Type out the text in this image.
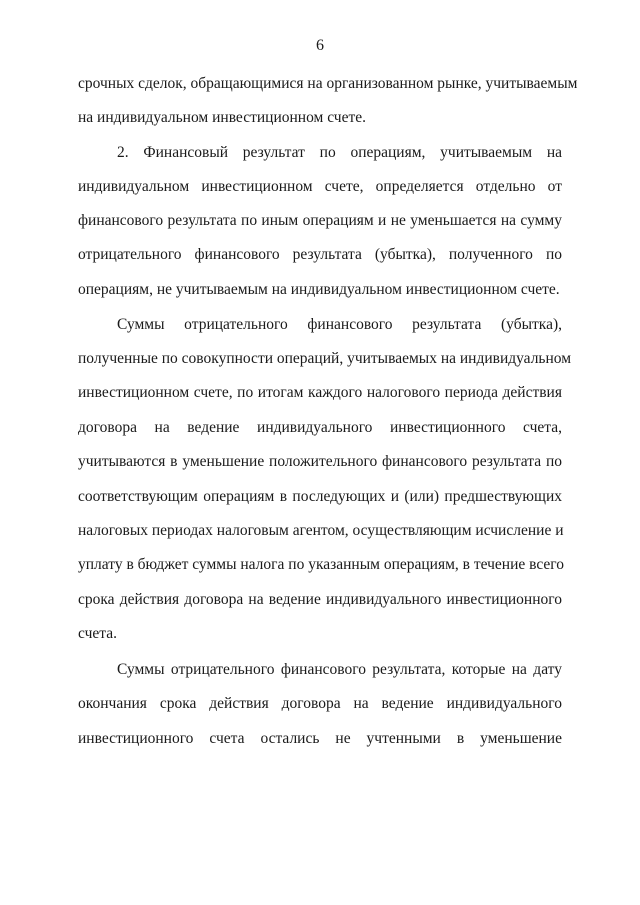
6
срочных сделок, обращающимися на организованном рынке, учитываемым
на индивидуальном инвестиционном счете.
2. Финансовый результат по операциям, учитываемым на
индивидуальном инвестиционном счете, определяется отдельно от
финансового результата по иным операциям и не уменьшается на сумму
отрицательного финансового результата (убытка), полученного по
операциям, не учитываемым на индивидуальном инвестиционном счете.
Суммы отрицательного финансового результата (убытка),
полученные по совокупности операций, учитываемых на индивидуальном
инвестиционном счете, по итогам каждого налогового периода действия
договора на ведение индивидуального инвестиционного счета,
учитываются в уменьшение положительного финансового результата по
соответствующим операциям в последующих и (или) предшествующих
налоговых периодах налоговым агентом, осуществляющим исчисление и
уплату в бюджет суммы налога по указанным операциям, в течение всего
срока действия договора на ведение индивидуального инвестиционного
счета.
Суммы отрицательного финансового результата, которые на дату
окончания срока действия договора на ведение индивидуального
инвестиционного счета остались не учтенными в уменьшение
